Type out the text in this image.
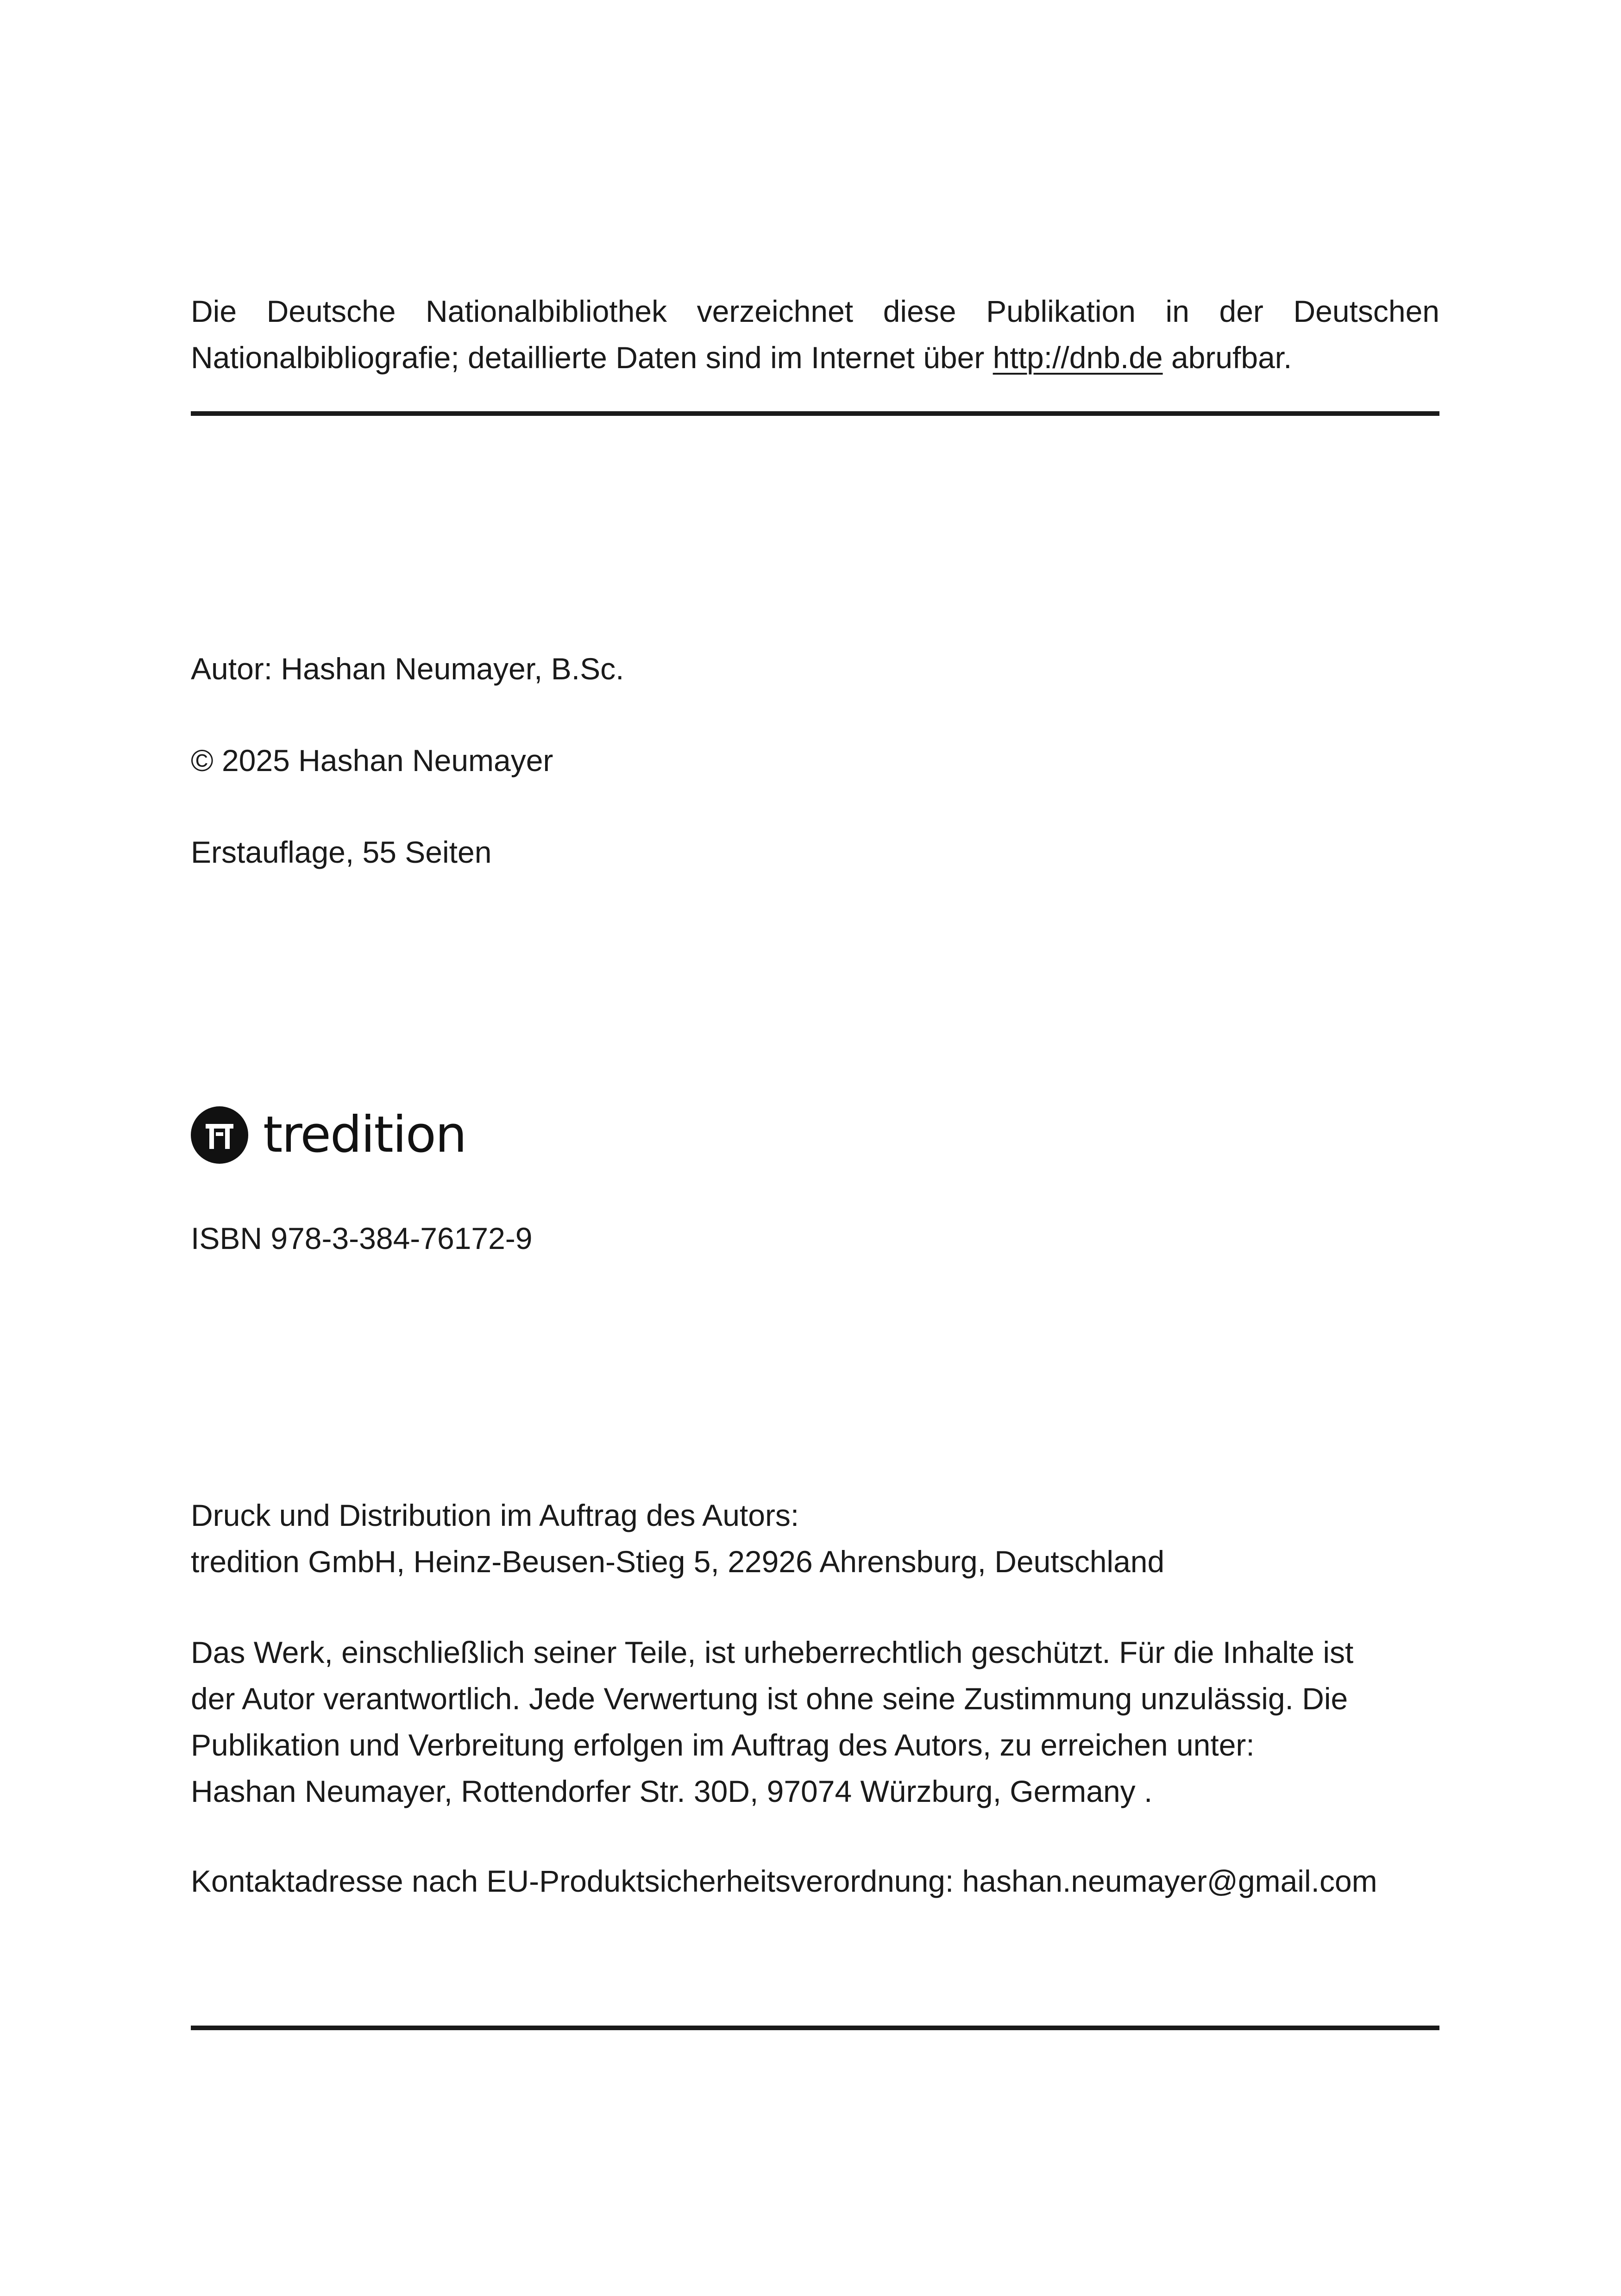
Die Deutsche Nationalbibliothek verzeichnet diese Publikation in der Deutschen Nationalbibliografie; detaillierte Daten sind im Internet über http://dnb.de abrufbar.
Autor: Hashan Neumayer, B.Sc.
© 2025 Hashan Neumayer
Erstauflage, 55 Seiten
tredition
ISBN 978-3-384-76172-9
Druck und Distribution im Auftrag des Autors:
tredition GmbH, Heinz-Beusen-Stieg 5, 22926 Ahrensburg, Deutschland
Das Werk, einschließlich seiner Teile, ist urheberrechtlich geschützt. Für die Inhalte ist
der Autor verantwortlich. Jede Verwertung ist ohne seine Zustimmung unzulässig. Die
Publikation und Verbreitung erfolgen im Auftrag des Autors, zu erreichen unter:
Hashan Neumayer, Rottendorfer Str. 30D, 97074 Würzburg, Germany .
Kontaktadresse nach EU-Produktsicherheitsverordnung: hashan.neumayer@gmail.com
